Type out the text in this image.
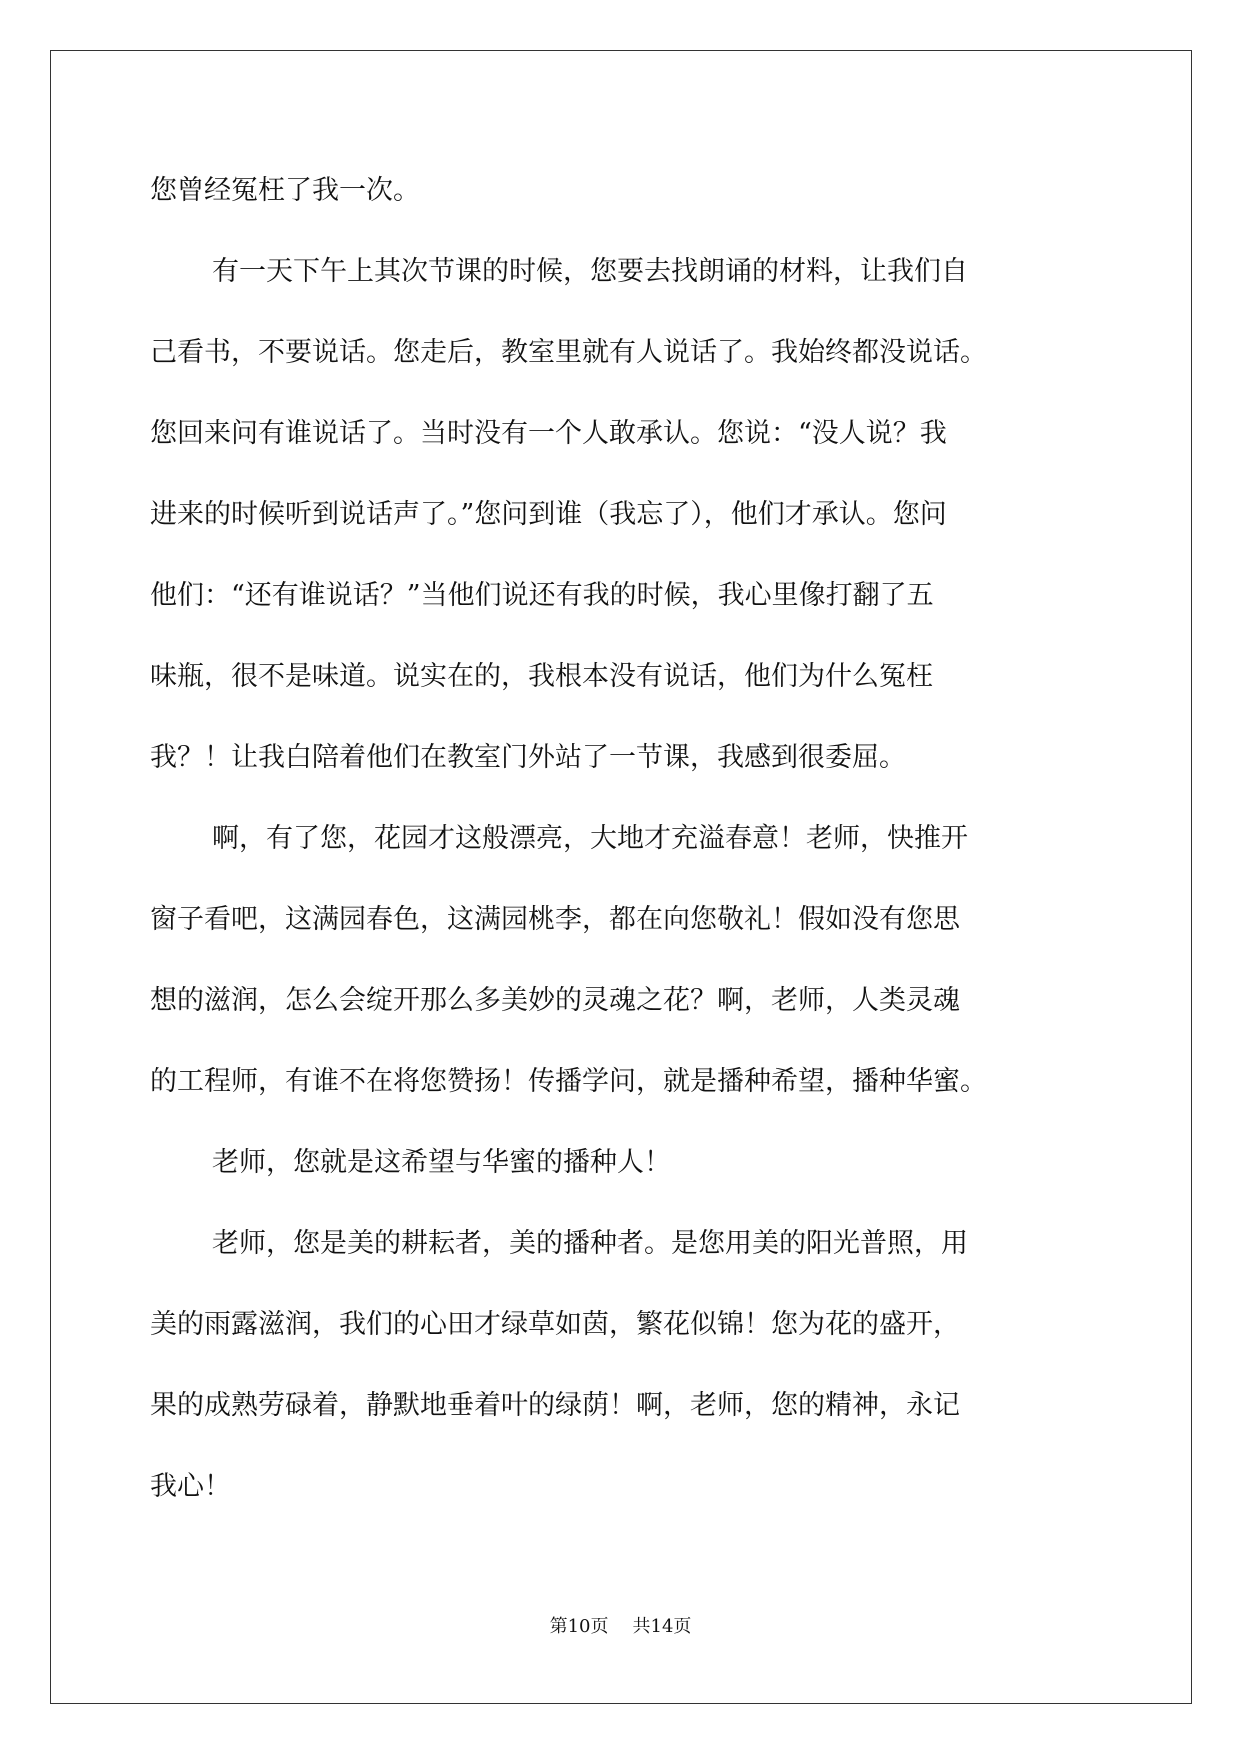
您曾经冤枉了我一次。

有一天下午上其次节课的时候，您要去找朗诵的材料，让我们自

己看书，不要说话。您走后，教室里就有人说话了。我始终都没说话。

您回来问有谁说话了。当时没有一个人敢承认。您说：“没人说？我

进来的时候听到说话声了。”您问到谁（我忘了），他们才承认。您问

他们：“还有谁说话？”当他们说还有我的时候，我心里像打翻了五

味瓶，很不是味道。说实在的，我根本没有说话，他们为什么冤枉

我？！让我白陪着他们在教室门外站了一节课，我感到很委屈。

啊，有了您，花园才这般漂亮，大地才充溢春意！老师，快推开

窗子看吧，这满园春色，这满园桃李，都在向您敬礼！假如没有您思

想的滋润，怎么会绽开那么多美妙的灵魂之花？啊，老师，人类灵魂

的工程师，有谁不在将您赞扬！传播学问，就是播种希望，播种华蜜。

老师，您就是这希望与华蜜的播种人！

老师，您是美的耕耘者，美的播种者。是您用美的阳光普照，用

美的雨露滋润，我们的心田才绿草如茵，繁花似锦！您为花的盛开，

果的成熟劳碌着，静默地垂着叶的绿荫！啊，老师，您的精神，永记

我心！

第10页 共14页
